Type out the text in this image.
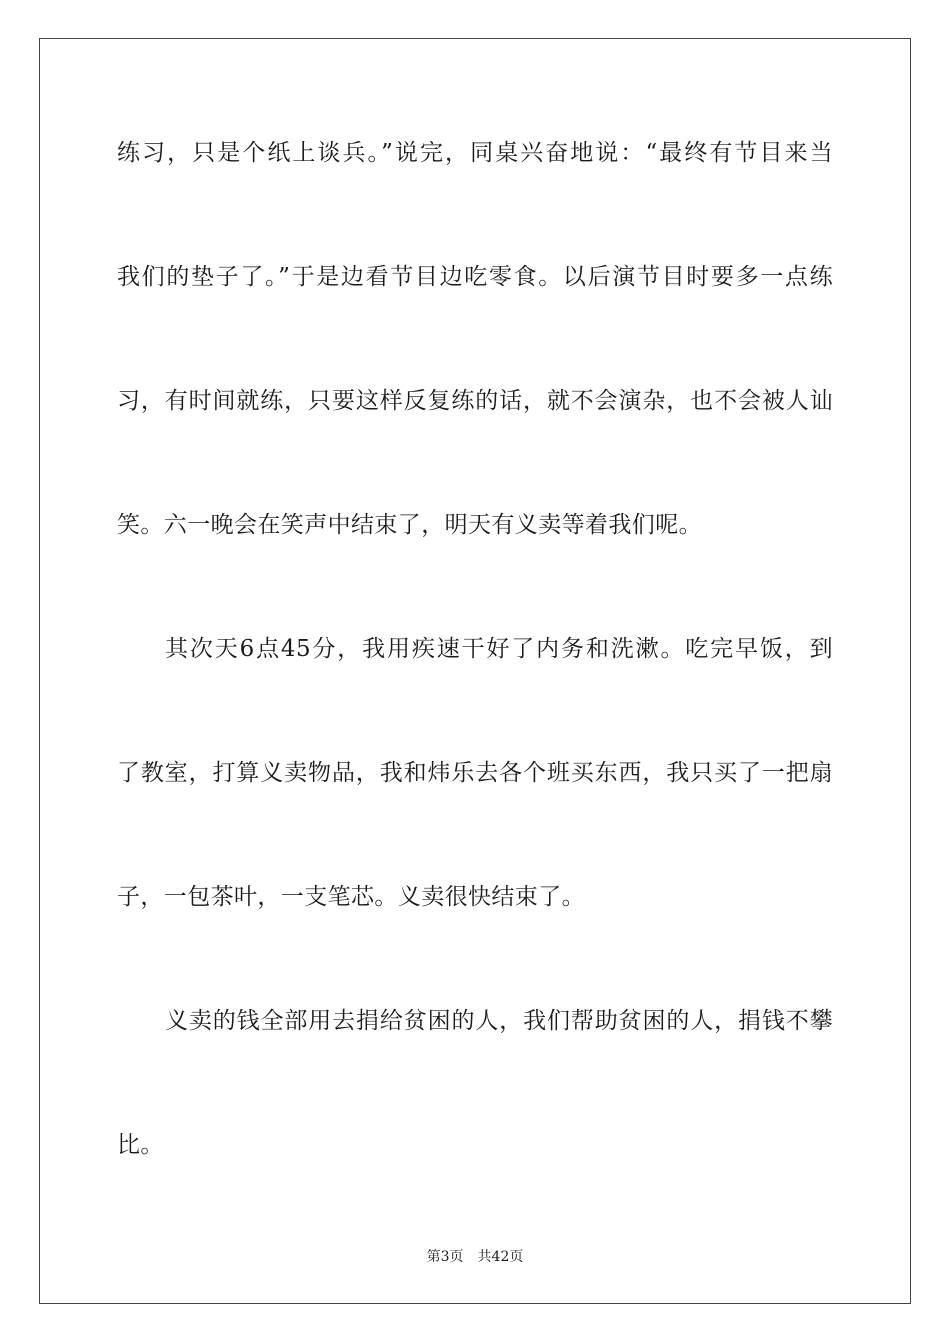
练习，只是个纸上谈兵。”说完，同桌兴奋地说：“最终有节目来当
我们的垫子了。”于是边看节目边吃零食。以后演节目时要多一点练
习，有时间就练，只要这样反复练的话，就不会演杂，也不会被人讪
笑。六一晚会在笑声中结束了，明天有义卖等着我们呢。
其次天6点45分，我用疾速干好了内务和洗漱。吃完早饭，到
了教室，打算义卖物品，我和炜乐去各个班买东西，我只买了一把扇
子，一包茶叶，一支笔芯。义卖很快结束了。
义卖的钱全部用去捐给贫困的人，我们帮助贫困的人，捐钱不攀
比。
第3页 共42页
